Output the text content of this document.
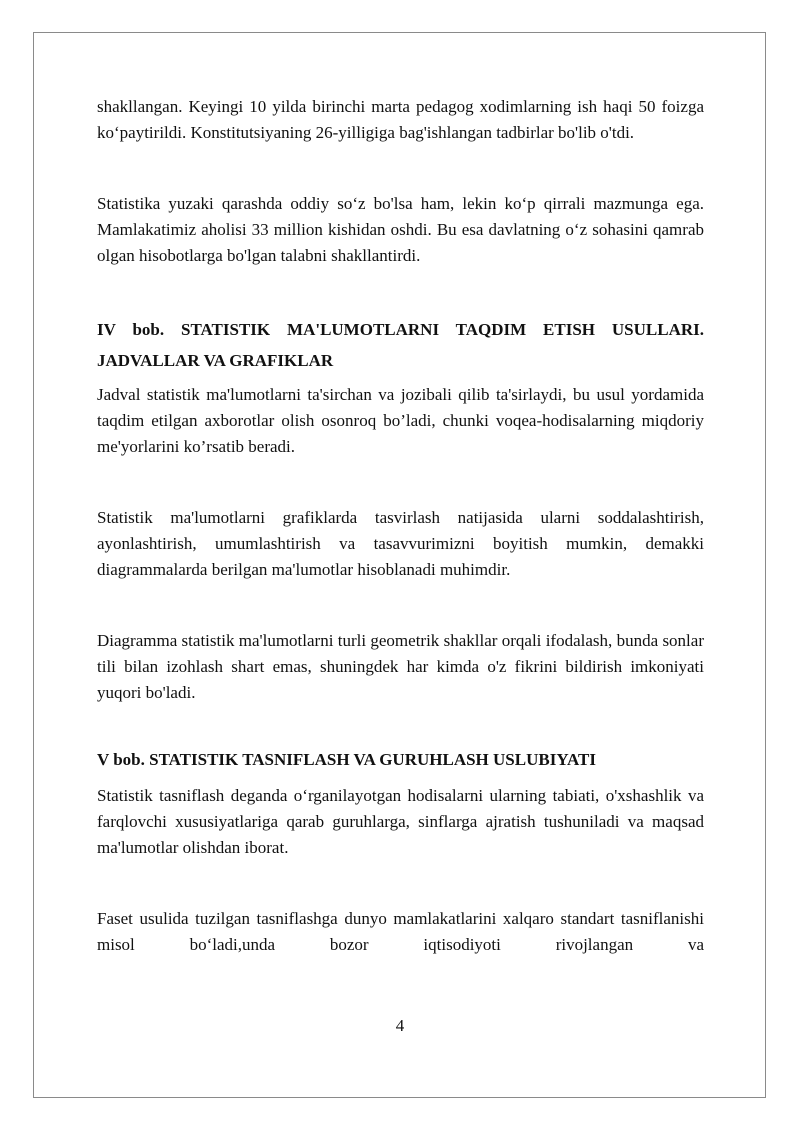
shakllangan. Keyingi 10 yilda birinchi marta pedagog xodimlarning ish haqi 50 foizga ko‘paytirildi. Konstitutsiyaning 26-yilligiga bag'ishlangan tadbirlar bo'lib o'tdi.

Statistika yuzaki qarashda oddiy so‘z bo'lsa ham, lekin ko‘p qirrali mazmunga ega. Mamlakatimiz aholisi 33 million kishidan oshdi. Bu esa davlatning o‘z sohasini qamrab olgan hisobotlarga bo'lgan talabni shakllantirdi.

IV bob. STATISTIK MA'LUMOTLARNI TAQDIM ETISH USULLARI. JADVALLAR VA GRAFIKLAR

Jadval statistik ma'lumotlarni ta'sirchan va jozibali qilib ta'sirlaydi, bu usul yordamida taqdim etilgan axborotlar olish osonroq bo’ladi, chunki voqea-hodisalarning miqdoriy me'yorlarini ko’rsatib beradi.

Statistik ma'lumotlarni grafiklarda tasvirlash natijasida ularni soddalashtirish, ayonlashtirish, umumlashtirish va tasavvurimizni boyitish mumkin, demakki diagrammalarda berilgan ma'lumotlar hisoblanadi muhimdir.

Diagramma statistik ma'lumotlarni turli geometrik shakllar orqali ifodalash, bunda sonlar tili bilan izohlash shart emas, shuningdek har kimda o'z fikrini bildirish imkoniyati yuqori bo'ladi.

V bob. STATISTIK TASNIFLASH VA GURUHLASH USLUBIYATI

Statistik tasniflash deganda o‘rganilayotgan hodisalarni ularning tabiati, o'xshashlik va farqlovchi xususiyatlariga qarab guruhlarga, sinflarga ajratish tushuniladi va maqsad ma'lumotlar olishdan iborat.

Faset usulida tuzilgan tasniflashga dunyo mamlakatlarini xalqaro standart tasniflanishi misol bo‘ladi,unda bozor iqtisodiyoti rivojlangan va

4
